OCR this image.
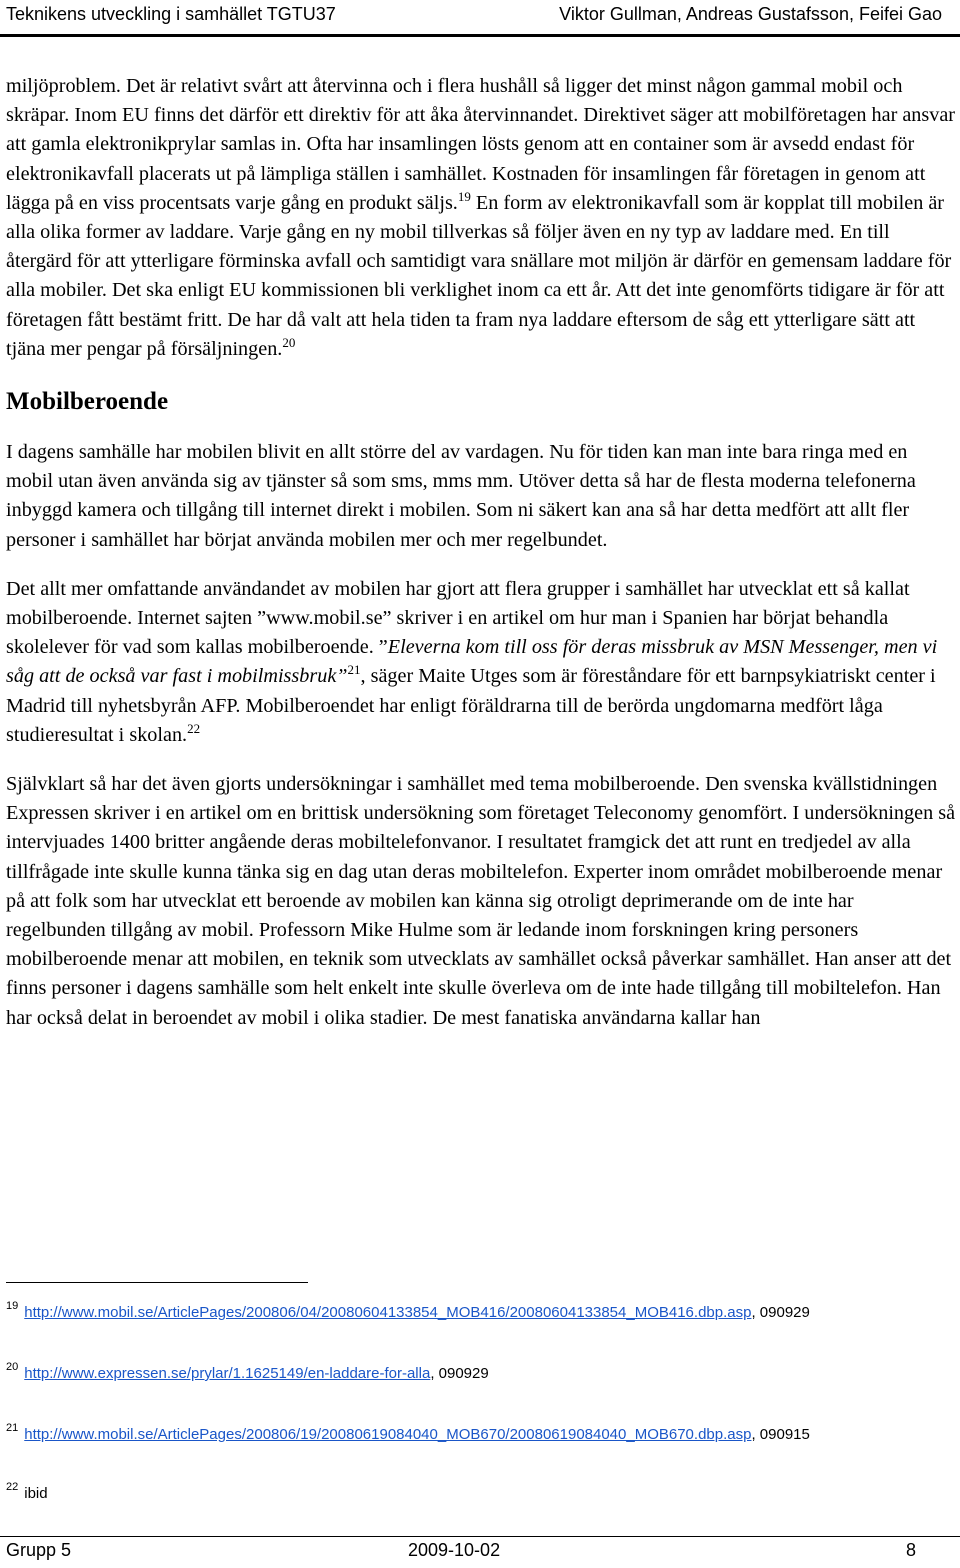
Teknikens utveckling i samhället TGTU37	Viktor Gullman, Andreas Gustafsson, Feifei Gao

miljöproblem. Det är relativt svårt att återvinna och i flera hushåll så ligger det minst någon gammal mobil och skräpar. Inom EU finns det därför ett direktiv för att åka återvinnandet. Direktivet säger att mobilföretagen har ansvar att gamla elektronikprylar samlas in. Ofta har insamlingen lösts genom att en container som är avsedd endast för elektronikavfall placerats ut på lämpliga ställen i samhället. Kostnaden för insamlingen får företagen in genom att lägga på en viss procentsats varje gång en produkt säljs.$^{19}$ En form av elektronikavfall som är kopplat till mobilen är alla olika former av laddare. Varje gång en ny mobil tillverkas så följer även en ny typ av laddare med. En till återgärd för att ytterligare förminska avfall och samtidigt vara snällare mot miljön är därför en gemensam laddare för alla mobiler. Det ska enligt EU kommissionen bli verklighet inom ca ett år. Att det inte genomförts tidigare är för att företagen fått bestämt fritt. De har då valt att hela tiden ta fram nya laddare eftersom de såg ett ytterligare sätt att tjäna mer pengar på försäljningen.$^{20}$

Mobilberoende

I dagens samhälle har mobilen blivit en allt större del av vardagen. Nu för tiden kan man inte bara ringa med en mobil utan även använda sig av tjänster så som sms, mms mm. Utöver detta så har de flesta moderna telefonerna inbyggd kamera och tillgång till internet direkt i mobilen. Som ni säkert kan ana så har detta medfört att allt fler personer i samhället har börjat använda mobilen mer och mer regelbundet.

Det allt mer omfattande användandet av mobilen har gjort att flera grupper i samhället har utvecklat ett så kallat mobilberoende. Internet sajten ”www.mobil.se” skriver i en artikel om hur man i Spanien har börjat behandla skolelever för vad som kallas mobilberoende. ”Eleverna kom till oss för deras missbruk av MSN Messenger, men vi såg att de också var fast i mobilmissbruk”$^{21}$, säger Maite Utges som är föreståndare för ett barnpsykiatriskt center i Madrid till nyhetsbyrån AFP. Mobilberoendet har enligt föräldrarna till de berörda ungdomarna medfört låga studieresultat i skolan.$^{22}$

Självklart så har det även gjorts undersökningar i samhället med tema mobilberoende. Den svenska kvällstidningen Expressen skriver i en artikel om en brittisk undersökning som företaget Teleconomy genomfört. I undersökningen så intervjuades 1400 britter angående deras mobiltelefonvanor. I resultatet framgick det att runt en tredjedel av alla tillfrågade inte skulle kunna tänka sig en dag utan deras mobiltelefon. Experter inom området mobilberoende menar på att folk som har utvecklat ett beroende av mobilen kan känna sig otroligt deprimerande om de inte har regelbunden tillgång av mobil. Professorn Mike Hulme som är ledande inom forskningen kring personers mobilberoende menar att mobilen, en teknik som utvecklats av samhället också påverkar samhället. Han anser att det finns personer i dagens samhälle som helt enkelt inte skulle överleva om de inte hade tillgång till mobiltelefon. Han har också delat in beroendet av mobil i olika stadier. De mest fanatiska användarna kallar han

$^{19}$ http://www.mobil.se/ArticlePages/200806/04/20080604133854_MOB416/20080604133854_MOB416.dbp.asp, 090929

$^{20}$ http://www.expressen.se/prylar/1.1625149/en-laddare-for-alla, 090929

$^{21}$ http://www.mobil.se/ArticlePages/200806/19/20080619084040_MOB670/20080619084040_MOB670.dbp.asp, 090915

$^{22}$ ibid

Grupp 5	2009-10-02	8
